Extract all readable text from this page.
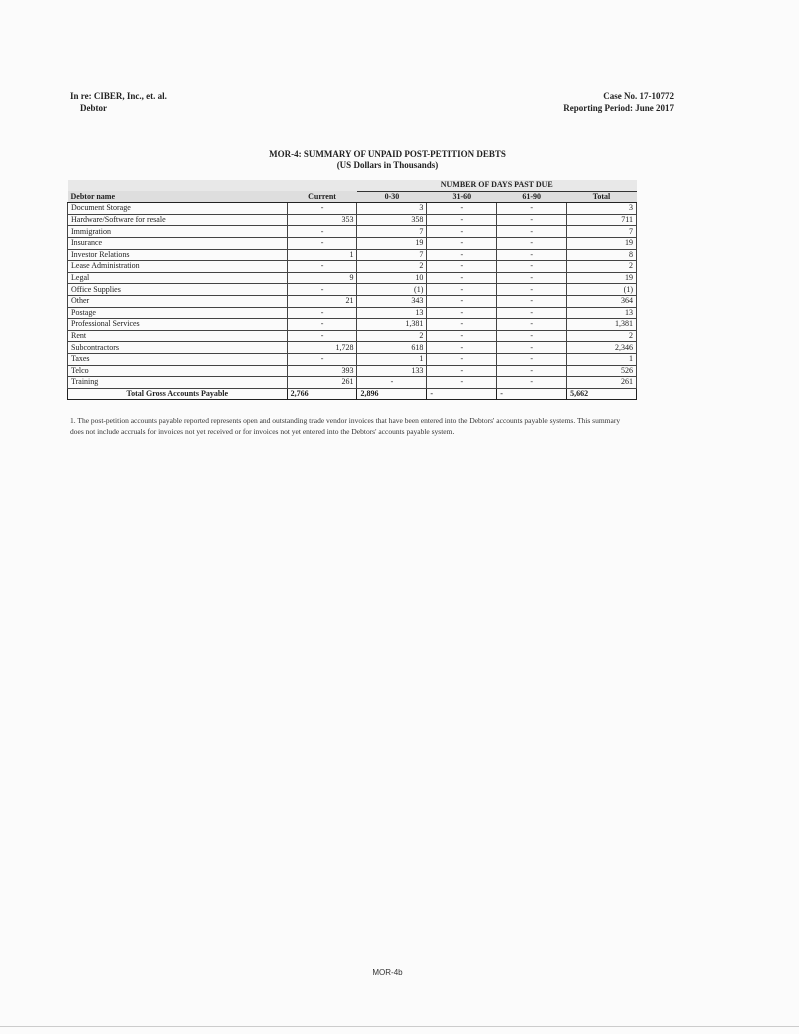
In re: CIBER, Inc., et. al.
Debtor
Case No. 17-10772
Reporting Period: June 2017
MOR-4: SUMMARY OF UNPAID POST-PETITION DEBTS
(US Dollars in Thousands)
		NUMBER OF DAYS PAST DUE			
Debtor name	Current	0-30	31-60	61-90	Total
Document Storage	-	3	-	-	3
Hardware/Software for resale	353	358	-	-	711
Immigration	-	7	-	-	7
Insurance	-	19	-	-	19
Investor Relations	1	7	-	-	8
Lease Administration	-	2	-	-	2
Legal	9	10	-	-	19
Office Supplies	-	(1)	-	-	(1)
Other	21	343	-	-	364
Postage	-	13	-	-	13
Professional Services	-	1,381	-	-	1,381
Rent	-	2	-	-	2
Subcontractors	1,728	618	-	-	2,346
Taxes	-	1	-	-	1
Telco	393	133	-	-	526
Training	261	-	-	-	261
Total Gross Accounts Payable	2,766	2,896	-	-	5,662
1. The post-petition accounts payable reported represents open and outstanding trade vendor invoices that have been entered into the Debtors' accounts payable systems. This summary does not include accruals for invoices not yet received or for invoices not yet entered into the Debtors' accounts payable system.
MOR-4b
